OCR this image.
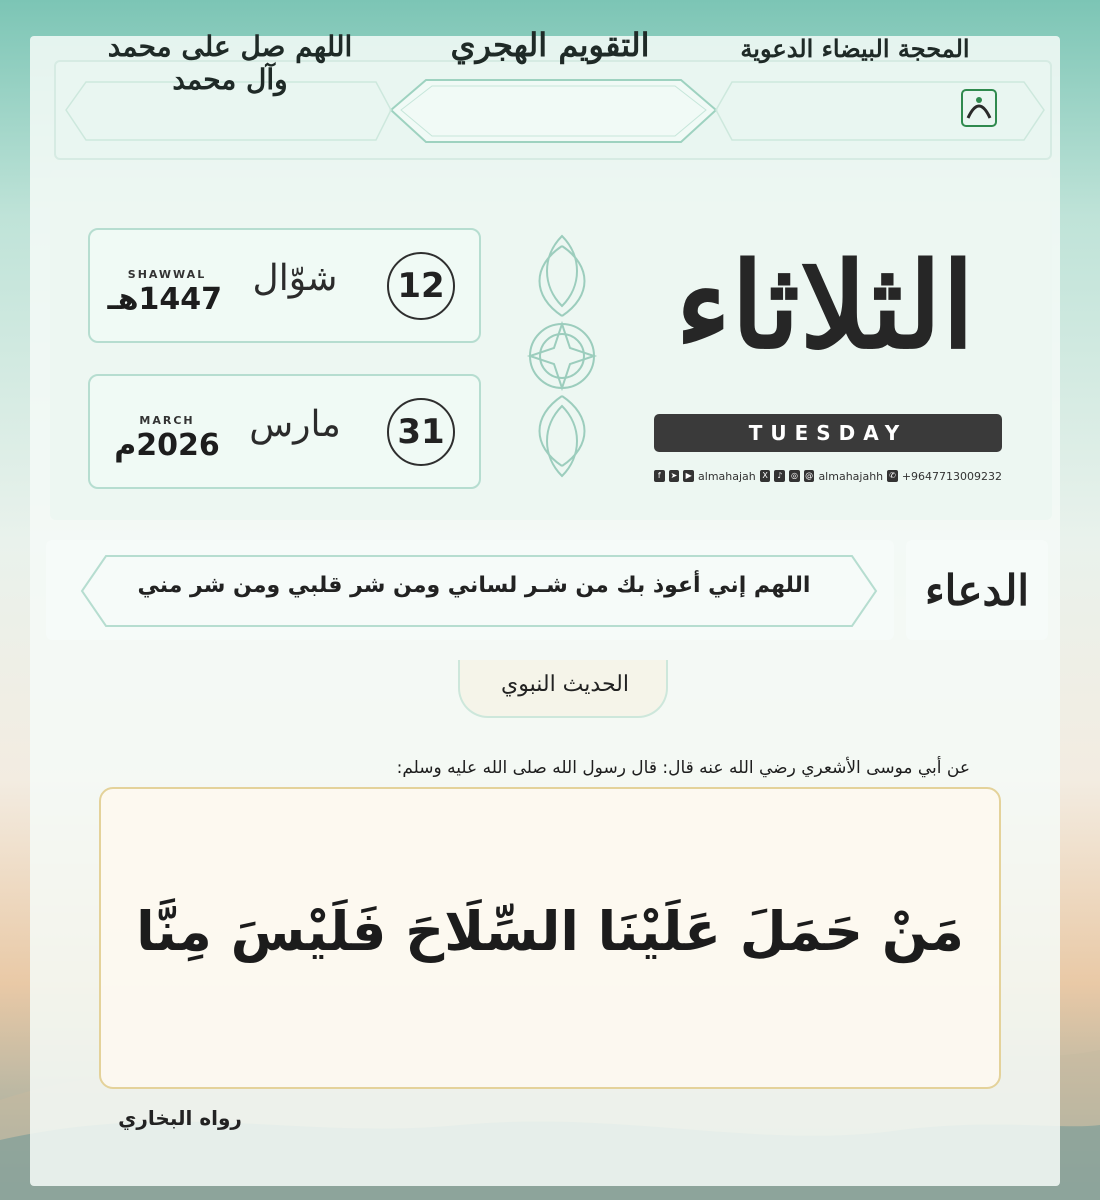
اللهم صل على محمد وآل محمد
التقويم الهجري	المحجة البيضاء الدعوية
الثلاثاء
TUESDAY
f	➤ ▶ almahajah X	♪	◎ @ almahajahh ✆ +9647713009232
12
شوّال
SHAWWAL
1447هـ
31
مارس
MARCH
2026م
الدعاء
اللهم إني أعوذ بك من شـر لساني ومن شر قلبي ومن شر مني
الحديث النبوي
عن أبي موسى الأشعري رضي الله عنه قال: قال رسول الله صلى الله عليه وسلم:
مَنْ حَمَلَ عَلَيْنَا السِّلَاحَ فَلَيْسَ مِنَّا
رواه البخاري
